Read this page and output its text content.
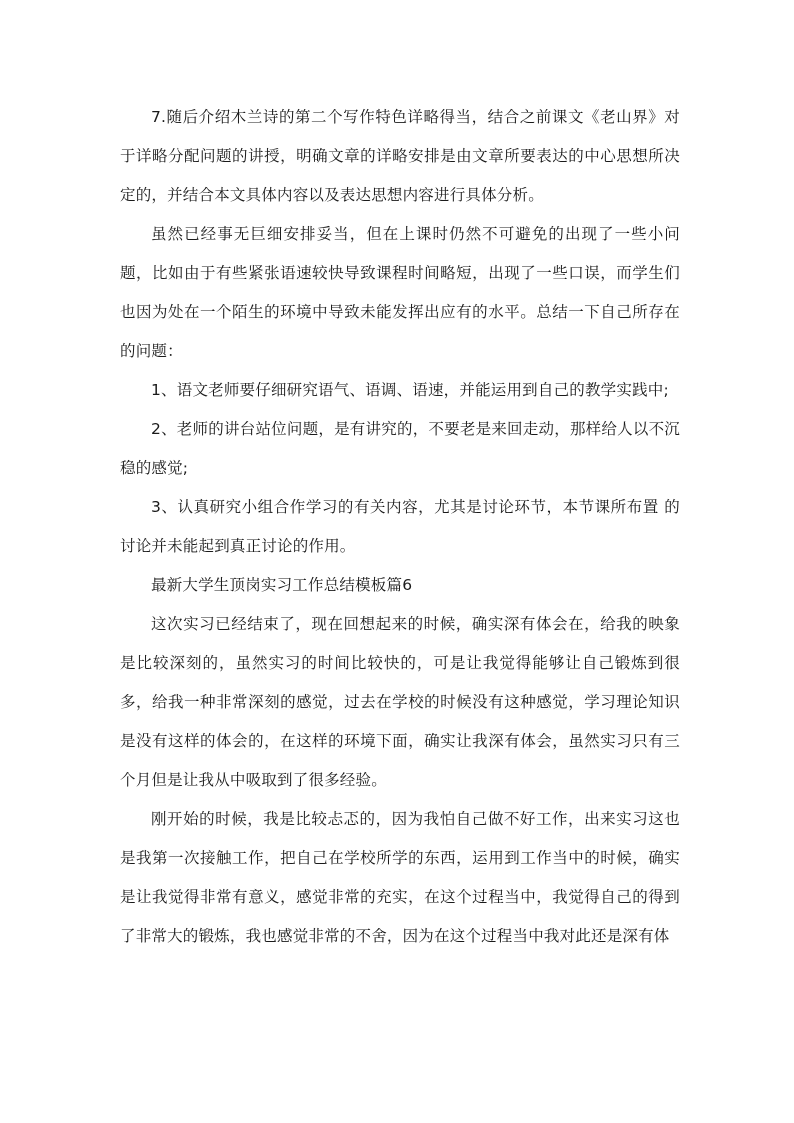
7.随后介绍木兰诗的第二个写作特色详略得当，结合之前课文《老山界》对于详略分配问题的讲授，明确文章的详略安排是由文章所要表达的中心思想所决定的，并结合本文具体内容以及表达思想内容进行具体分析。

虽然已经事无巨细安排妥当，但在上课时仍然不可避免的出现了一些小问题，比如由于有些紧张语速较快导致课程时间略短，出现了一些口误，而学生们也因为处在一个陌生的环境中导致未能发挥出应有的水平。总结一下自己所存在的问题：

1、语文老师要仔细研究语气、语调、语速，并能运用到自己的教学实践中;

2、老师的讲台站位问题，是有讲究的，不要老是来回走动，那样给人以不沉稳的感觉;

3、认真研究小组合作学习的有关内容，尤其是讨论环节，本节课所布置 的讨论并未能起到真正讨论的作用。

最新大学生顶岗实习工作总结模板篇6

这次实习已经结束了，现在回想起来的时候，确实深有体会在，给我的映象是比较深刻的，虽然实习的时间比较快的，可是让我觉得能够让自己锻炼到很多，给我一种非常深刻的感觉，过去在学校的时候没有这种感觉，学习理论知识是没有这样的体会的，在这样的环境下面，确实让我深有体会，虽然实习只有三个月但是让我从中吸取到了很多经验。

刚开始的时候，我是比较忐忑的，因为我怕自己做不好工作，出来实习这也是我第一次接触工作，把自己在学校所学的东西，运用到工作当中的时候，确实是让我觉得非常有意义，感觉非常的充实，在这个过程当中，我觉得自己的得到了非常大的锻炼，我也感觉非常的不舍，因为在这个过程当中我对此还是深有体
